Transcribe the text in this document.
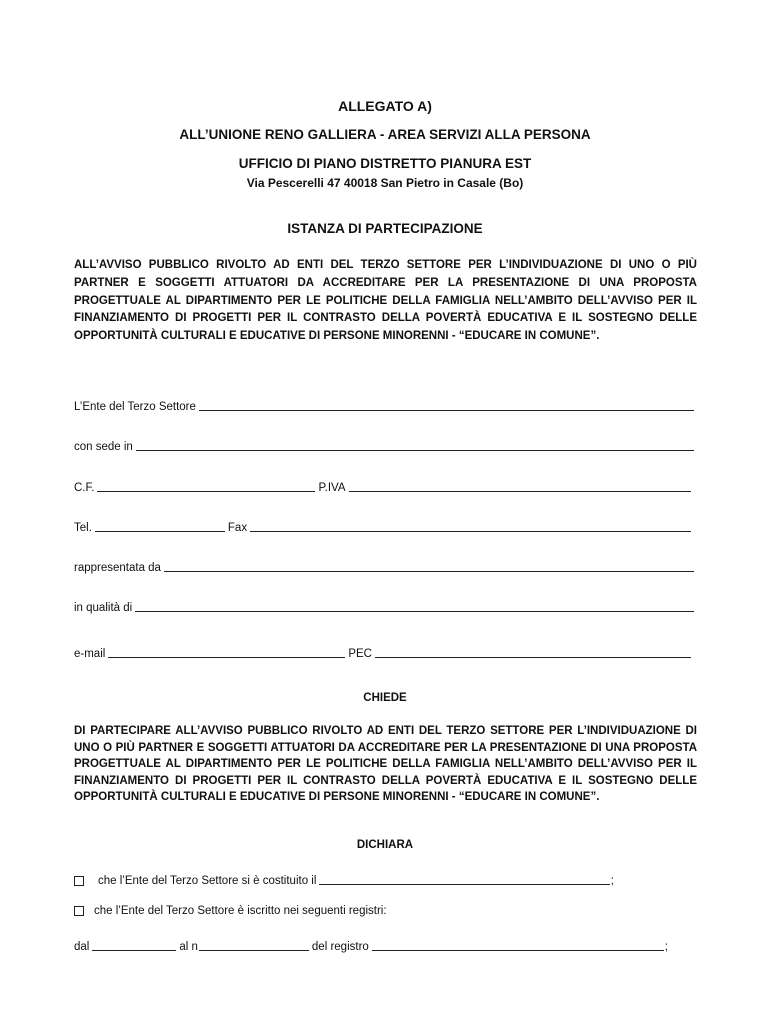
ALLEGATO A)
ALL’UNIONE RENO GALLIERA - AREA SERVIZI ALLA PERSONA
UFFICIO DI PIANO DISTRETTO PIANURA EST
Via Pescerelli 47 40018 San Pietro in Casale (Bo)
ISTANZA DI PARTECIPAZIONE
ALL’AVVISO PUBBLICO RIVOLTO AD ENTI DEL TERZO SETTORE PER L’INDIVIDUAZIONE DI UNO O PIÙ PARTNER E SOGGETTI ATTUATORI DA ACCREDITARE PER LA PRESENTAZIONE DI UNA PROPOSTA PROGETTUALE AL DIPARTIMENTO PER LE POLITICHE DELLA FAMIGLIA NELL’AMBITO DELL’AVVISO PER IL FINANZIAMENTO DI PROGETTI PER IL CONTRASTO DELLA POVERTÀ EDUCATIVA E IL SOSTEGNO DELLE OPPORTUNITÀ CULTURALI E EDUCATIVE DI PERSONE MINORENNI - “EDUCARE IN COMUNE”.
L’Ente del Terzo Settore
con sede in
C.F.	P.IVA
Tel.	Fax
rappresentata da
in qualità di
e-mail	PEC
CHIEDE
DI PARTECIPARE ALL’AVVISO PUBBLICO RIVOLTO AD ENTI DEL TERZO SETTORE PER L’INDIVIDUAZIONE DI UNO O PIÙ PARTNER E SOGGETTI ATTUATORI DA ACCREDITARE PER LA PRESENTAZIONE DI UNA PROPOSTA PROGETTUALE AL DIPARTIMENTO PER LE POLITICHE DELLA FAMIGLIA NELL’AMBITO DELL’AVVISO PER IL FINANZIAMENTO DI PROGETTI PER IL CONTRASTO DELLA POVERTÀ EDUCATIVA E IL SOSTEGNO DELLE OPPORTUNITÀ CULTURALI E EDUCATIVE DI PERSONE MINORENNI - “EDUCARE IN COMUNE”.
DICHIARA
che l’Ente del Terzo Settore si è costituito il	;
che l’Ente del Terzo Settore è iscritto nei seguenti registri:
dal	al n	del registro	;
